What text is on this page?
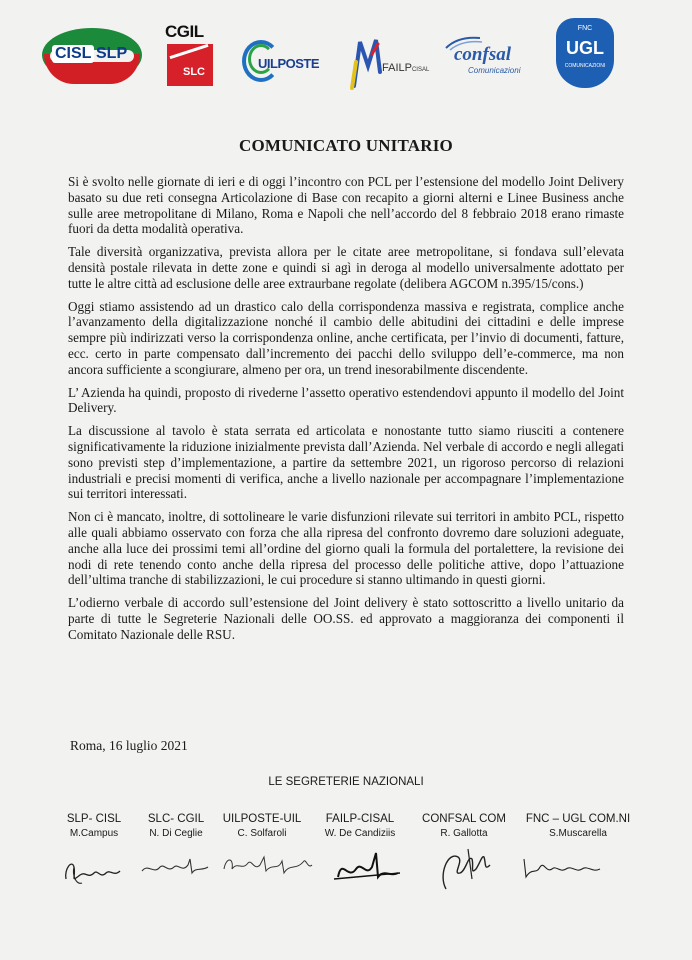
CISL SLP
CGIL
SLC
UILPOSTE	FAILPCISAL
confsal
Comunicazioni
FNC
UGL
COMUNICAZIONI
COMUNICATO UNITARIO

Si è svolto nelle giornate di ieri e di oggi l’incontro con PCL per l’estensione del modello Joint Delivery basato su due reti consegna Articolazione di Base con recapito a giorni alterni e Linee Business anche sulle aree metropolitane di Milano, Roma e Napoli che nell’accordo del 8 febbraio 2018 erano rimaste fuori da detta modalità operativa.

Tale diversità organizzativa, prevista allora per le citate aree metropolitane, si fondava sull’elevata densità postale rilevata in dette zone e quindi si agì in deroga al modello universalmente adottato per tutte le altre città ad esclusione delle aree extraurbane regolate (delibera AGCOM n.395/15/cons.)

Oggi stiamo assistendo ad un drastico calo della corrispondenza massiva e registrata, complice anche l’avanzamento della digitalizzazione nonché il cambio delle abitudini dei cittadini e delle imprese sempre più indirizzati verso la corrispondenza online, anche certificata, per l’invio di documenti, fatture, ecc. certo in parte compensato dall’incremento dei pacchi dello sviluppo dell’e-commerce, ma non ancora sufficiente a scongiurare, almeno per ora, un trend inesorabilmente discendente.

L’ Azienda ha quindi, proposto di rivederne l’assetto operativo estendendovi appunto il modello del Joint Delivery.

La discussione al tavolo è stata serrata ed articolata e nonostante tutto siamo riusciti a contenere significativamente la riduzione inizialmente prevista dall’Azienda. Nel verbale di accordo e negli allegati sono previsti step d’implementazione, a partire da settembre 2021, un rigoroso percorso di relazioni industriali e precisi momenti di verifica, anche a livello nazionale per accompagnare l’implementazione sui territori interessati.

Non ci è mancato, inoltre, di sottolineare le varie disfunzioni rilevate sui territori in ambito PCL, rispetto alle quali abbiamo osservato con forza che alla ripresa del confronto dovremo dare soluzioni adeguate, anche alla luce dei prossimi temi all’ordine del giorno quali la formula del portalettere, la revisione dei nodi di rete tenendo conto anche della ripresa del processo delle politiche attive, dopo l’attuazione dell’ultima tranche di stabilizzazioni, le cui procedure si stanno ultimando in questi giorni.

L’odierno verbale di accordo sull’estensione del Joint delivery è stato sottoscritto a livello unitario da parte di tutte le Segreterie Nazionali delle OO.SS. ed approvato a maggioranza dei componenti il Comitato Nazionale delle RSU.

Roma, 16 luglio 2021
LE SEGRETERIE NAZIONALI
SLP- CISL
M.Campus
SLC- CGIL
N. Di Ceglie
UILPOSTE-UIL
C. Solfaroli
FAILP-CISAL
W. De Candiziis
CONFSAL COM
R. Gallotta
FNC – UGL COM.NI
S.Muscarella
